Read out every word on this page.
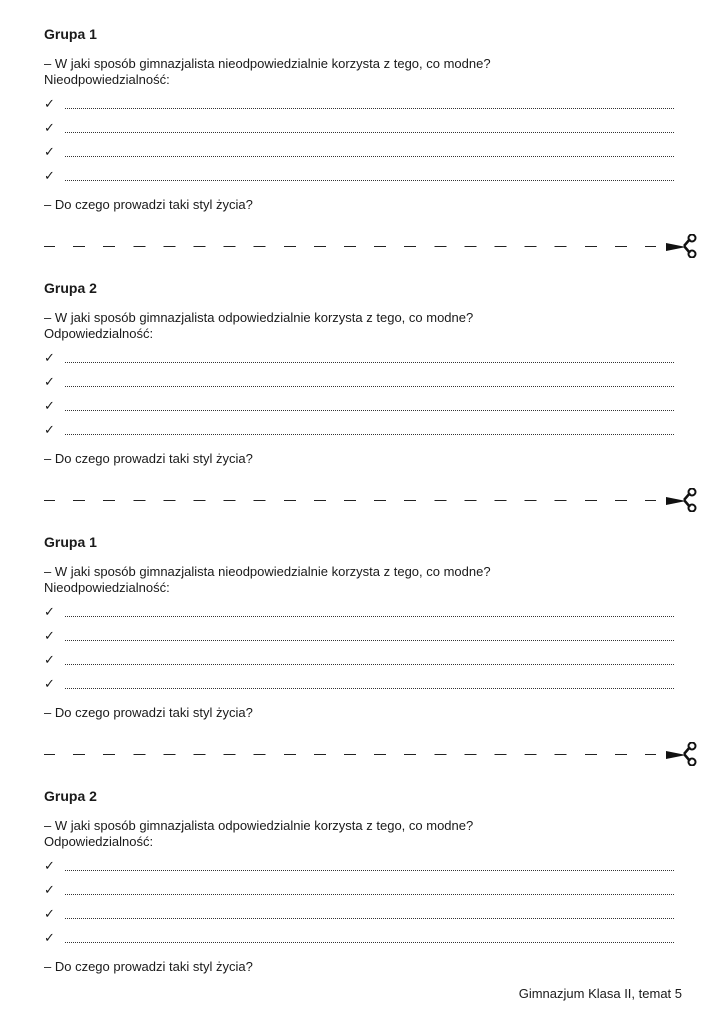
Grupa 1
– W jaki sposób gimnazjalista nieodpowiedzialnie korzysta z tego, co modne?
Nieodpowiedzialność:
✓
✓
✓
✓
– Do czego prowadzi taki styl życia?
Grupa 2
– W jaki sposób gimnazjalista odpowiedzialnie korzysta z tego, co modne?
Odpowiedzialność:
✓
✓
✓
✓
– Do czego prowadzi taki styl życia?
Grupa 1
– W jaki sposób gimnazjalista nieodpowiedzialnie korzysta z tego, co modne?
Nieodpowiedzialność:
✓
✓
✓
✓
– Do czego prowadzi taki styl życia?
Grupa 2
– W jaki sposób gimnazjalista odpowiedzialnie korzysta z tego, co modne?
Odpowiedzialność:
✓
✓
✓
✓
– Do czego prowadzi taki styl życia?
Gimnazjum Klasa II, temat 5
